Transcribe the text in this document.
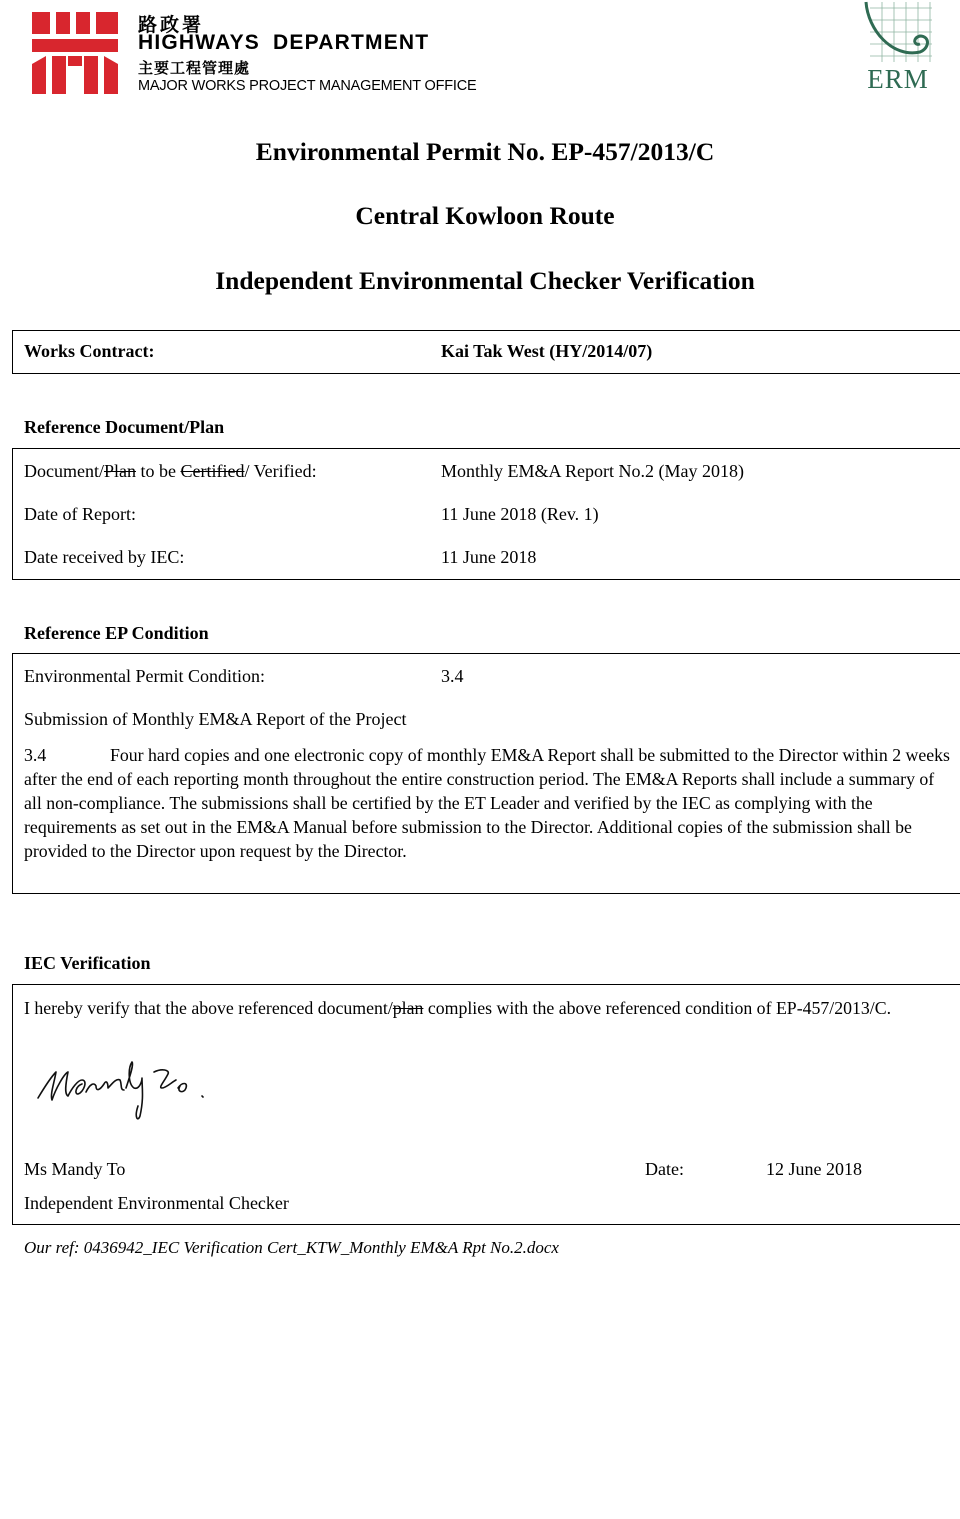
路政署
HIGHWAYS DEPARTMENT
主要工程管理處
MAJOR WORKS PROJECT MANAGEMENT OFFICE	ERM
Environmental Permit No. EP-457/2013/C
Central Kowloon Route
Independent Environmental Checker Verification
Works Contract:	Kai Tak West (HY/2014/07)
Reference Document/Plan
Document/Plan to be Certified/ Verified:	Monthly EM&A Report No.2 (May 2018)
Date of Report:	11 June 2018 (Rev. 1)
Date received by IEC:	11 June 2018
Reference EP Condition
Environmental Permit Condition:	3.4
Submission of Monthly EM&A Report of the Project
3.4	Four hard copies and one electronic copy of monthly EM&A Report shall be submitted to the Director within 2 weeks after the end of each reporting month throughout the entire construction period. The EM&A Reports shall include a summary of all non-compliance. The submissions shall be certified by the ET Leader and verified by the IEC as complying with the requirements as set out in the EM&A Manual before submission to the Director. Additional copies of the submission shall be provided to the Director upon request by the Director.
IEC Verification
I hereby verify that the above referenced document/plan complies with the above referenced condition of EP-457/2013/C.
Ms Mandy To	Date:	12 June 2018
Independent Environmental Checker
Our ref: 0436942_IEC Verification Cert_KTW_Monthly EM&A Rpt No.2.docx
